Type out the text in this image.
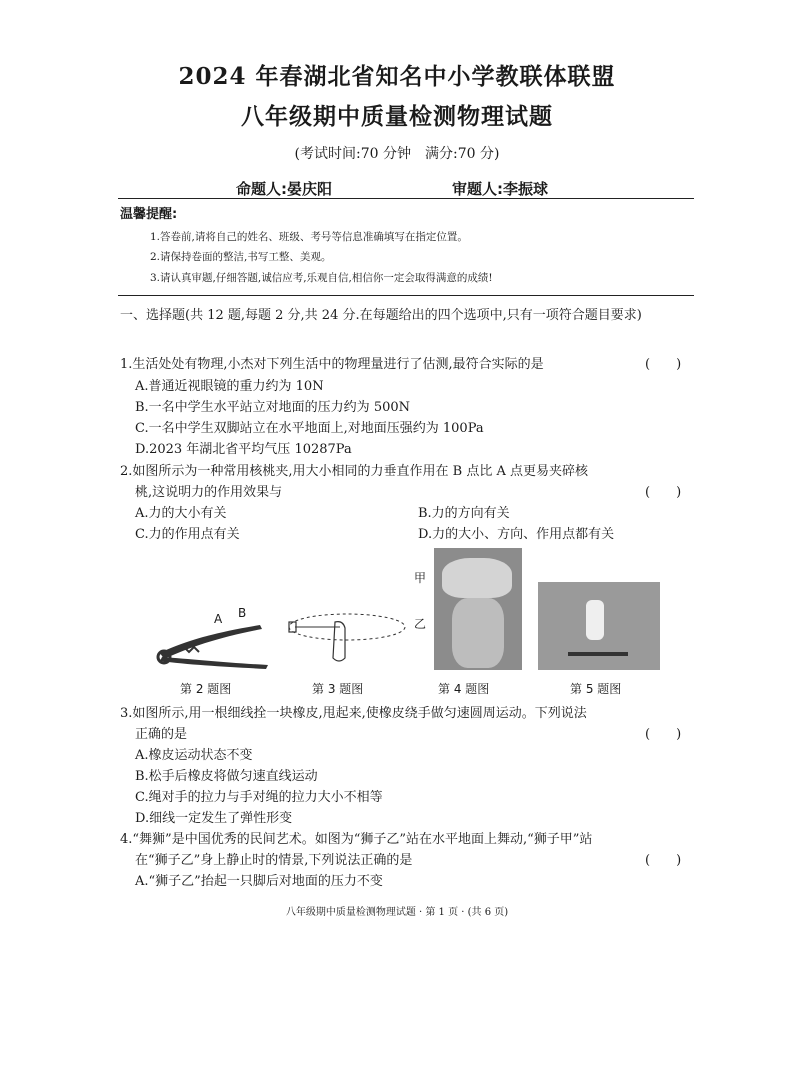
2024 年春湖北省知名中小学教联体联盟
八年级期中质量检测物理试题
(考试时间:70 分钟　满分:70 分)
命题人:晏庆阳	审题人:李振球
温馨提醒:
1.答卷前,请将自己的姓名、班级、考号等信息准确填写在指定位置。
2.请保持卷面的整洁,书写工整、美观。
3.请认真审题,仔细答题,诚信应考,乐观自信,相信你一定会取得满意的成绩!
一、选择题(共 12 题,每题 2 分,共 24 分.在每题给出的四个选项中,只有一项符合题目要求)
1.生活处处有物理,小杰对下列生活中的物理量进行了估测,最符合实际的是	(　　)
A.普通近视眼镜的重力约为 10N
B.一名中学生水平站立对地面的压力约为 500N
C.一名中学生双脚站立在水平地面上,对地面压强约为 100Pa
D.2023 年湖北省平均气压 10287Pa
2.如图所示为一种常用核桃夹,用大小相同的力垂直作用在 B 点比 A 点更易夹碎核
桃,这说明力的作用效果与	(　　)
A.力的大小有关	B.力的方向有关
C.力的作用点有关	D.力的大小、方向、作用点都有关
A B
第 2 题图	第 3 题图
甲
乙
第 4 题图	第 5 题图
3.如图所示,用一根细线拴一块橡皮,甩起来,使橡皮绕手做匀速圆周运动。下列说法
正确的是	(　　)
A.橡皮运动状态不变
B.松手后橡皮将做匀速直线运动
C.绳对手的拉力与手对绳的拉力大小不相等
D.细线一定发生了弹性形变
4.“舞狮”是中国优秀的民间艺术。如图为“狮子乙”站在水平地面上舞动,“狮子甲”站
在“狮子乙”身上静止时的情景,下列说法正确的是	(　　)
A.“狮子乙”抬起一只脚后对地面的压力不变
八年级期中质量检测物理试题 · 第 1 页 · (共 6 页)
